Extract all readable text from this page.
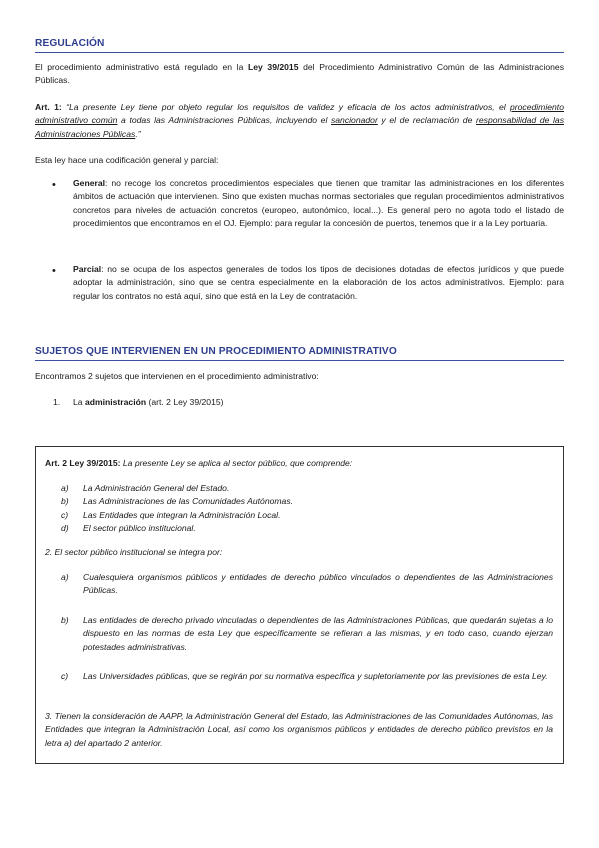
REGULACIÓN
El procedimiento administrativo está regulado en la Ley 39/2015 del Procedimiento Administrativo Común de las Administraciones Públicas.
Art. 1: “La presente Ley tiene por objeto regular los requisitos de validez y eficacia de los actos administrativos, el procedimiento administrativo común a todas las Administraciones Públicas, incluyendo el sancionador y el de reclamación de responsabilidad de las Administraciones Públicas.”
Esta ley hace una codificación general y parcial:
• General: no recoge los concretos procedimientos especiales que tienen que tramitar las administraciones en los diferentes ámbitos de actuación que intervienen. Sino que existen muchas normas sectoriales que regulan procedimientos administrativos concretos para niveles de actuación concretos (europeo, autonómico, local...). Es general pero no agota todo el listado de procedimientos que encontramos en el OJ. Ejemplo: para regular la concesión de puertos, tenemos que ir a la Ley portuaria.
• Parcial: no se ocupa de los aspectos generales de todos los tipos de decisiones dotadas de efectos jurídicos y que puede adoptar la administración, sino que se centra especialmente en la elaboración de los actos administrativos. Ejemplo: para regular los contratos no está aquí, sino que está en la Ley de contratación.
SUJETOS QUE INTERVIENEN EN UN PROCEDIMIENTO ADMINISTRATIVO
Encontramos 2 sujetos que intervienen en el procedimiento administrativo:
1.	La administración (art. 2 Ley 39/2015)
Art. 2 Ley 39/2015: La presente Ley se aplica al sector público, que comprende:
a) La Administración General del Estado.
b) Las Administraciones de las Comunidades Autónomas.
c) Las Entidades que integran la Administración Local.
d) El sector público institucional.
2. El sector público institucional se integra por:
a) Cualesquiera organismos públicos y entidades de derecho público vinculados o dependientes de las Administraciones Públicas.
b) Las entidades de derecho privado vinculadas o dependientes de las Administraciones Públicas, que quedarán sujetas a lo dispuesto en las normas de esta Ley que específicamente se refieran a las mismas, y en todo caso, cuando ejerzan potestades administrativas.
c) Las Universidades públicas, que se regirán por su normativa específica y supletoriamente por las previsiones de esta Ley.
3. Tienen la consideración de AAPP, la Administración General del Estado, las Administraciones de las Comunidades Autónomas, las Entidades que integran la Administración Local, así como los organismos públicos y entidades de derecho público previstos en la letra a) del apartado 2 anterior.
